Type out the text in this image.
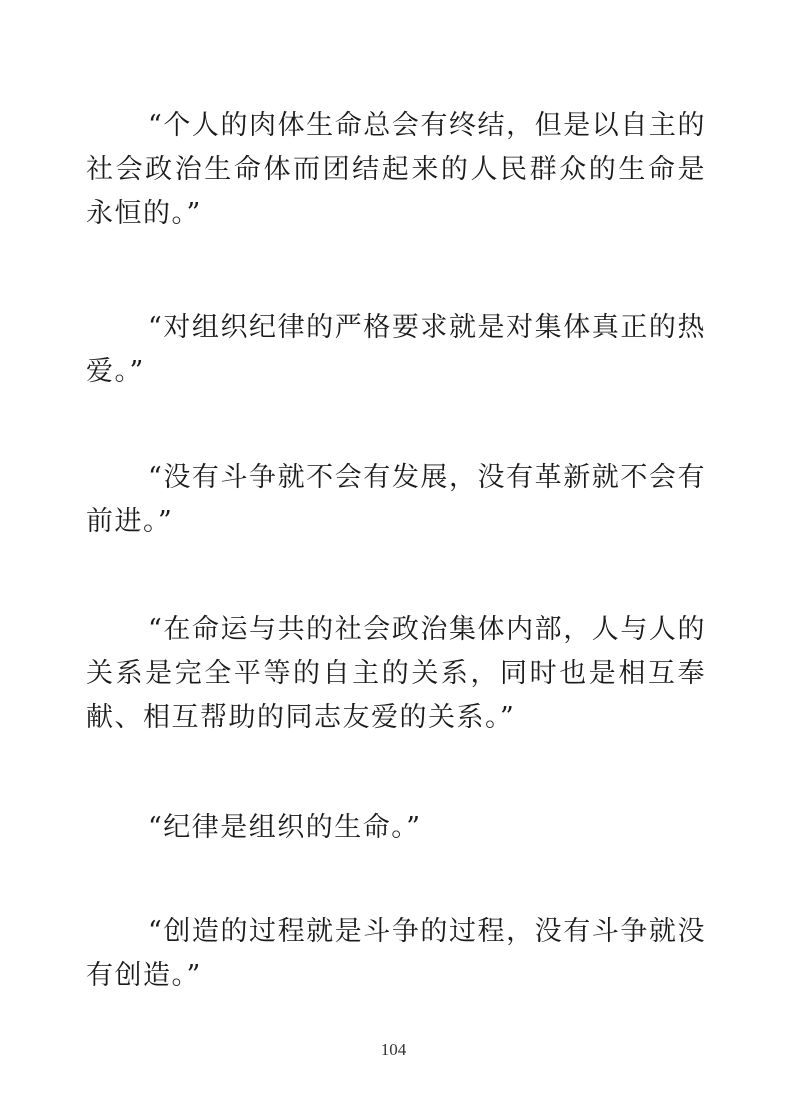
“个人的肉体生命总会有终结，但是以自主的社会政治生命体而团结起来的人民群众的生命是永恒的。”

“对组织纪律的严格要求就是对集体真正的热爱。”

“没有斗争就不会有发展，没有革新就不会有前进。”

“在命运与共的社会政治集体内部，人与人的关系是完全平等的自主的关系，同时也是相互奉献、相互帮助的同志友爱的关系。”

“纪律是组织的生命。”

“创造的过程就是斗争的过程，没有斗争就没有创造。”

104
